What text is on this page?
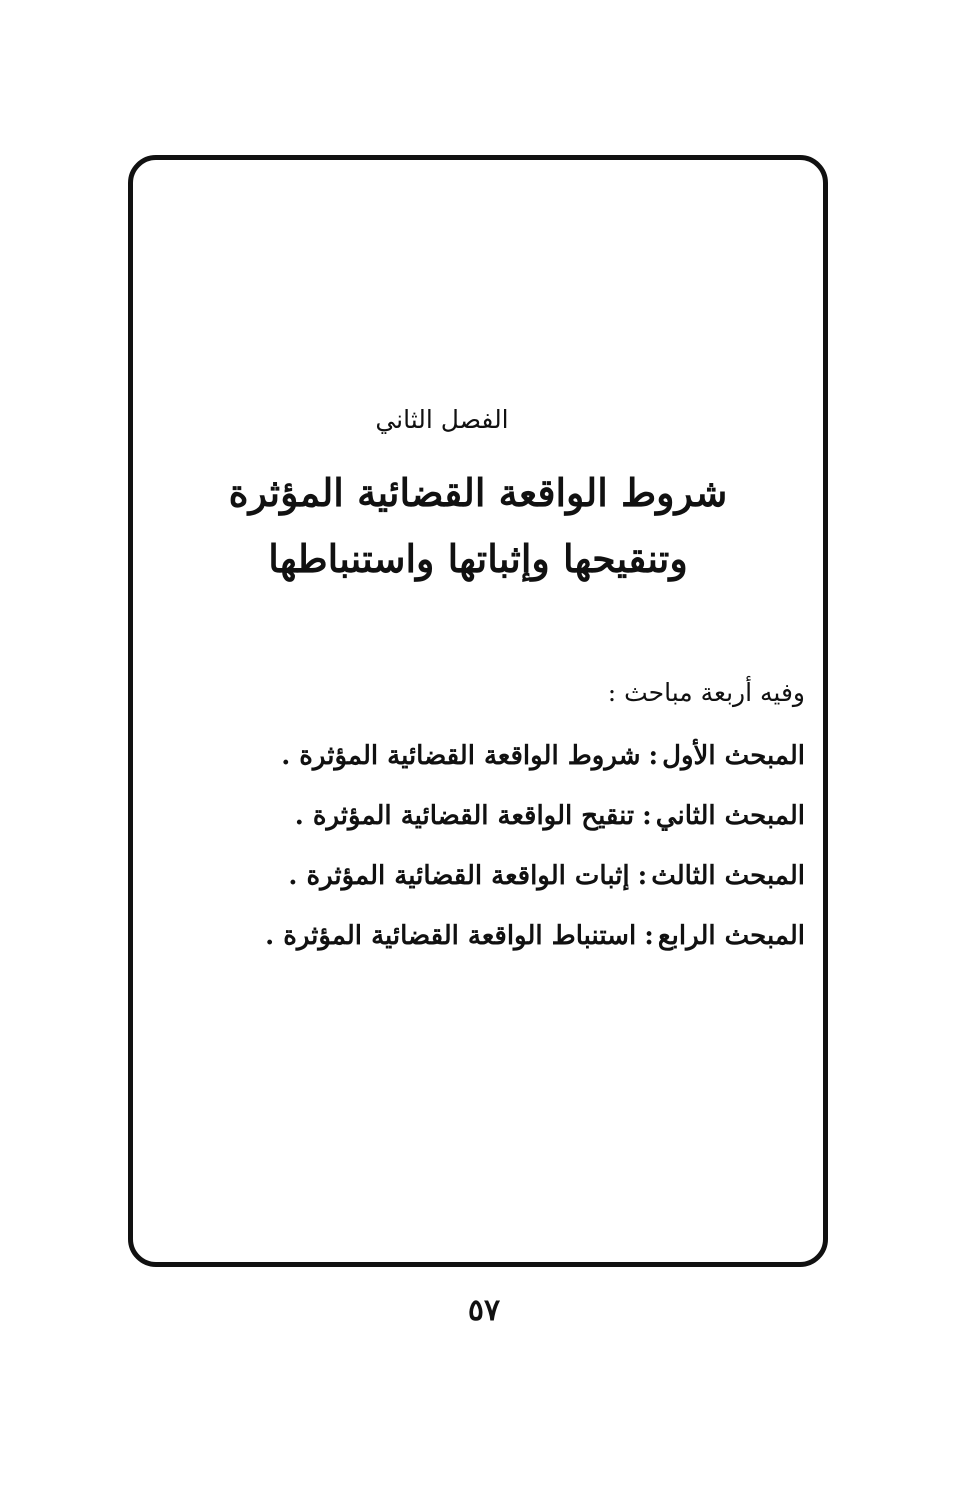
الفصل الثاني
شروط الواقعة القضائية المؤثرة
وتنقيحها وإثباتها واستنباطها
وفيه أربعة مباحث :
المبحث الأول:شروط الواقعة القضائية المؤثرة .
المبحث الثاني:تنقيح الواقعة القضائية المؤثرة .
المبحث الثالث:إثبات الواقعة القضائية المؤثرة .
المبحث الرابع:استنباط الواقعة القضائية المؤثرة .
٥٧
